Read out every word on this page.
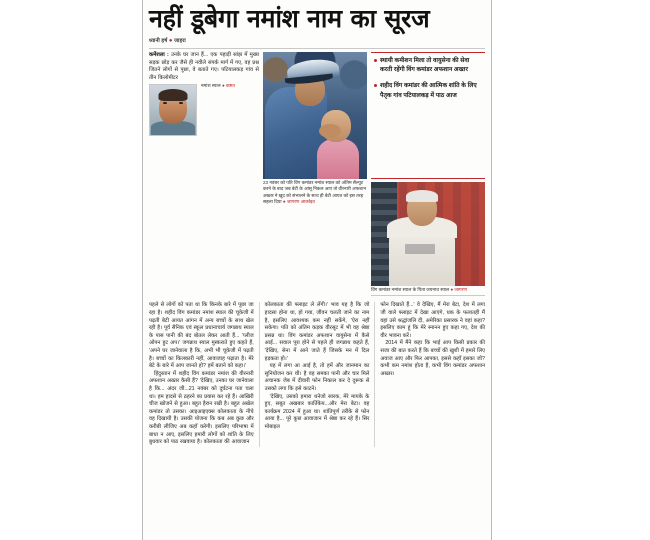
नहीं डूबेगा नमांश नाम का सूरज
ध्यानी हर्ष ● जाहरा
कमेंशला : उनके घर जान हैं... एक पहाड़ी सांझ में मुख्य सड़क छोड़ कर जैसे ही नवीले संपर्क मार्ग में गए, वह प्रश्न जितने लोगों से पूछा, वे बताते गए। पटियालकड़ गांव से तीन किलोमीटर
नमांश स्याल ● कष्टत
23 नवंबर को पति विंग कमांडर नमांश स्याल को अंतिम सैल्यूट करने के बाद जब बेटी के आंसू निकल आए तो वीरनारी अफशान अख्तर ने खुद को संभालने के साथ ही बेटी आयत को इस तरह सहला दिया ● जागरण आर्काइव
स्थायी कमीशन मिला तो वायुसेना की सेवा करती रहेंगी विंग कमांडर अफशान अख्तर
शहीद विंग कमांडर की आत्मिक शांति के लिए पैतृक गांव पटियालकड़ में पाठ आज
विंग कमांडर नमांश स्याल के पिता जयनाथ स्याल ● जागरण

पहले से लोगों को पता था कि किनके बारे में पूछा जा रहा है। शहीद विंग कमांडर नमांश स्याल की चूकेजी में पढ़ती बेटी आयत आंगन में अन्य बच्चों के साथ खेल रही है। पूर्व सैनिक एवं स्कूल प्रधानाचार्य जगन्नाथ स्याल के पास पानी की बंद बोतल लेकर आती हैं... 'प्लीज ओपन हुट अप।' जगन्नाथ स्याल मुस्कराते हुए कहते हैं, 'अपने घर जानेवाला है कि, अभी भी चूकेजी में पढ़ती है। बच्चों का किलकारी नहीं, आवाजाह पढ़ाता है। मेरे बेटे के बारे में आप जानते हो? हमें बताने को कहा।'

हिंदुस्तान में शहीद विंग कमांडर नमांश की वीरनारी अफशान अख्तर कैसी हैं? 'देखिए, उनका घर जानेवाला है कि... अंदर जी...21 नवंबर को दुर्घटना पता चला था। हम हादसे से ठहरने का प्रयास कर रहे हैं। आखिरी चीज खोजने से हुआ। बहुत हैरान रखी है। बहुत अखेल कमांडर तो उसका। आइआइएक्स कोलकाता के नीचे वह दिखायी है। उसकी योजना कि कब अब कुछ और करीबी लीजिए अब कहाँ करेगी। इसलिए परिभाषा में बाधा न आए, इसलिए हमारी लोगों को शांति के लिए बुधवार को पाठ रखवाया है। कोलकाता की आवाजान

कोलकाता की फ्लाइट ले लेंगी।' भाव यह है कि जो हादसा होना था, हो गया, जीवन चलती जाने का नाम है, इसलिए आवश्यक कम नहीं सकेंगे, 'ऐरा नहीं सकेगा। पति को अंतिम कड़क वीरसूट में भी वह श्रेष्ठा प्रसन्न था। विंग कमांडर अफशान वायुसेना में कैसे आईं... सवाल पूरा होने से पहले ही जगन्नाथ कहते हैं, 'देखिए, सेना में आने जाते हैं जिसके मन में दिल हड़कता हो।'

यह में लगा आ आई है, तो हमें और जानमान का सुनियोजन कर थी। है वह समका पानी और चार मिले अचानक जेब में दीवारी फोन निकाल कर दे दूरूक से उसको लगा कि इसे काटने।

'देखिए, उसको हमारा थनेजो सारक, मेरे मायके के हुए, सबूत अखबार कार्तिकेय...और मेरा बेटा। वह कार्यक्रम 2024 में हुआ था। शांतिपूर्ण तरीके से फोन आया है... पूरे कुछ आवाजान में श्रेष्ठा कर रहे हैं। सिर मोबाइल

फोन दिखाते हैं...' वे देखिए, मैं मेरा बेटा, देश में लगा जी वाले फ्लाइट में देखा आएंगे, धक के फलातही मैं वहां उसे श्रद्धांजलि दी, अमेरिका प्रसारक ने वहां कहा? इसलिए काम हूं कि मेरे स्नानन हुए कहा गए, देश की वीर भावना करें।

2014 में मैंने कहा कि भाई आप किसी प्रकार की सजा की बात करते हैं कि बच्चों की खुशी में हमारे लिए अवाज आए और फिर आपका, इससे कहाँ इसका जो? कभी कम नमांश होता है, कभी विंग कमांडर अफशान अख्तर।
